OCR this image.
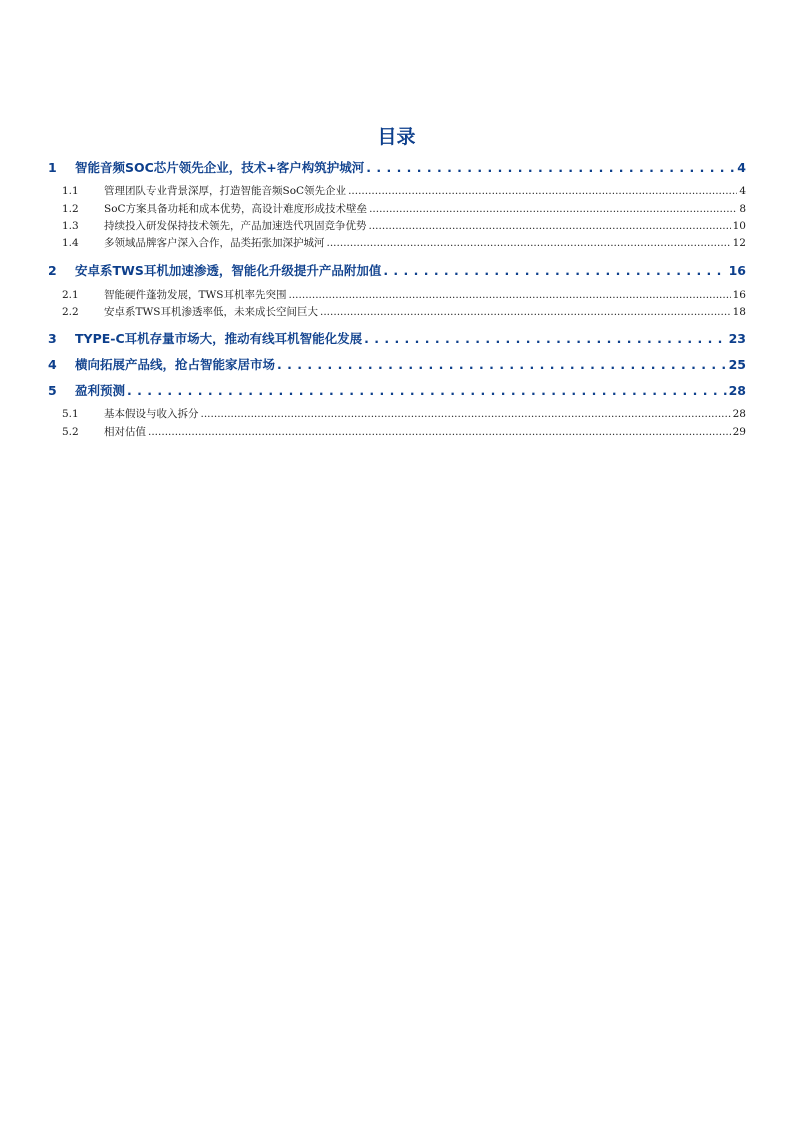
目录
1	智能音频SOC芯片领先企业，技术+客户构筑护城河 . . .	4
1.1	管理团队专业背景深厚，打造智能音频SoC领先企业 .....	4
1.2	SoC方案具备功耗和成本优势，高设计难度形成技术壁垒 .....	8
1.3	持续投入研发保持技术领先，产品加速迭代巩固竞争优势 .....	10
1.4	多领域品牌客户深入合作，品类拓张加深护城河 .....	12
2	安卓系TWS耳机加速渗透，智能化升级提升产品附加值 . . .	16
2.1	智能硬件蓬勃发展，TWS耳机率先突围 .....	16
2.2	安卓系TWS耳机渗透率低，未来成长空间巨大 .....	18
3	TYPE-C耳机存量市场大，推动有线耳机智能化发展 . . .	23
4	横向拓展产品线，抢占智能家居市场 . . .	25
5	盈利预测 . . .	28
5.1	基本假设与收入拆分 .....	28
5.2	相对估值 .....	29
